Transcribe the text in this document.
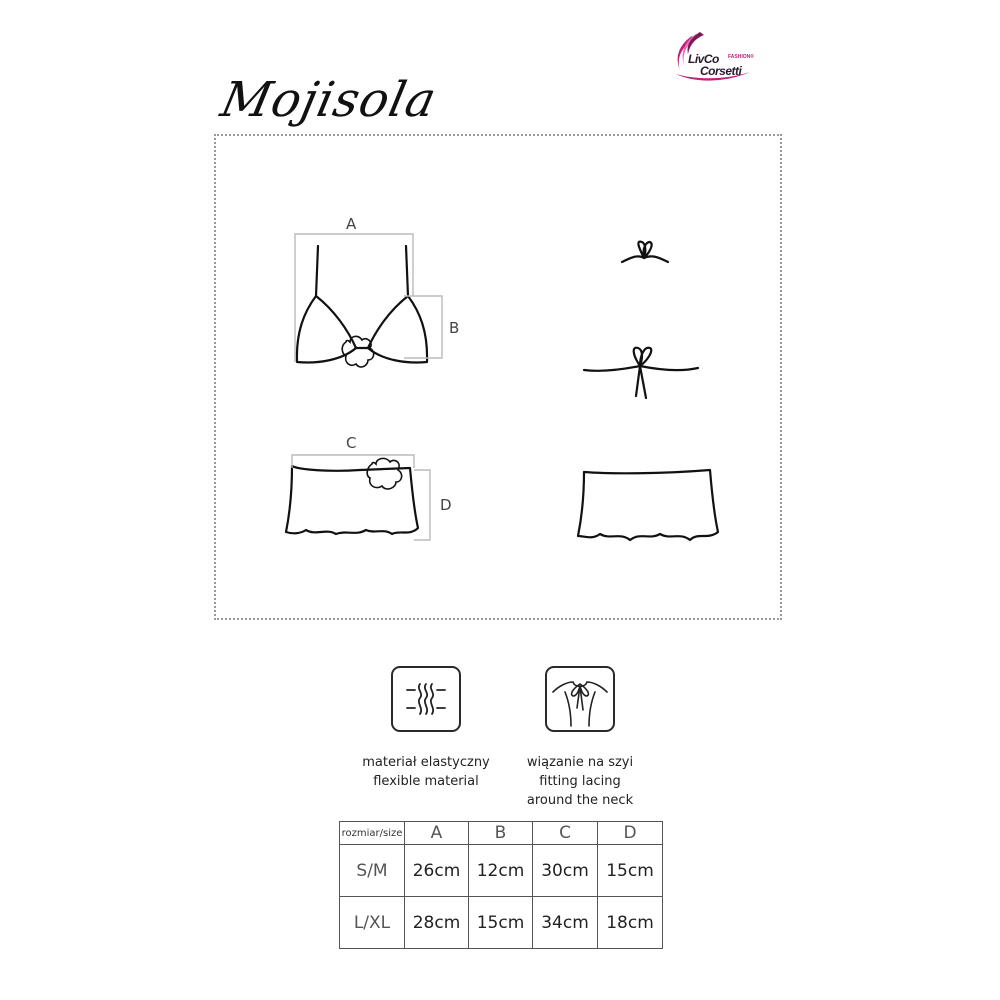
LivCo FASHION®
Corsetti
Mojisola
A
B
C
D
materiał elastyczny
flexible material
wiązanie na szyi
fitting lacing
around the neck
rozmiar/size	A	B	C	D
S/M	26cm	12cm	30cm	15cm
L/XL	28cm	15cm	34cm	18cm
